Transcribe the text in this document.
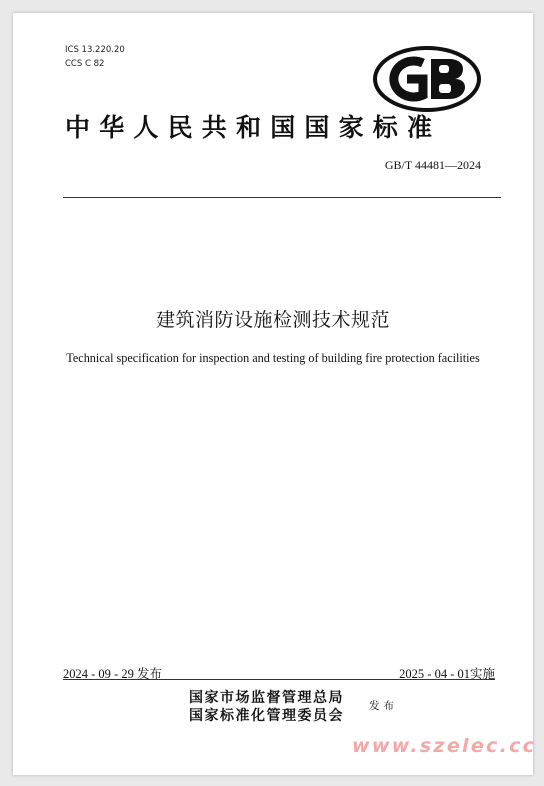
ICS 13.220.20
CCS C 82
中华人民共和国国家标准
GB/T 44481—2024
建筑消防设施检测技术规范
Technical specification for inspection and testing of building fire protection facilities
2024 - 09 - 29 发布	2025 - 04 - 01实施
国家市场监督管理总局
国家标准化管理委员会
发布
www.szelec.cc
